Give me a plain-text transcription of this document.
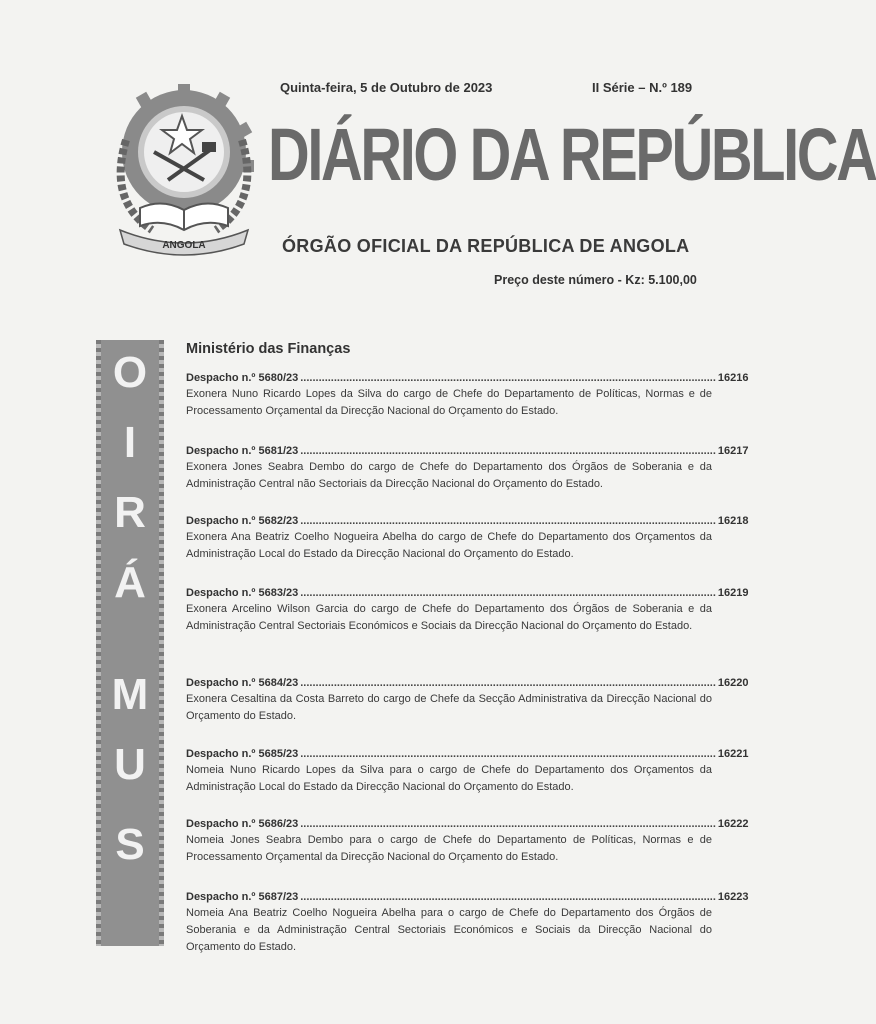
ANGOLA
Quinta-feira, 5 de Outubro de 2023	II Série – N.º 189
DIÁRIO DA REPÚBLICA
ÓRGÃO OFICIAL DA REPÚBLICA DE ANGOLA
Preço deste número - Kz: 5.100,00
O
I
R
Á
M
U
S
Ministério das Finanças
Despacho n.º 5680/23 ........................................................................................................................................ 16216
Exonera Nuno Ricardo Lopes da Silva do cargo de Chefe do Departamento de Políticas, Normas e de Processamento Orçamental da Direcção Nacional do Orçamento do Estado.
Despacho n.º 5681/23 ........................................................................................................................................ 16217
Exonera Jones Seabra Dembo do cargo de Chefe do Departamento dos Órgãos de Soberania e da Administração Central não Sectoriais da Direcção Nacional do Orçamento do Estado.
Despacho n.º 5682/23 ........................................................................................................................................ 16218
Exonera Ana Beatriz Coelho Nogueira Abelha do cargo de Chefe do Departamento dos Orçamentos da Administração Local do Estado da Direcção Nacional do Orçamento do Estado.
Despacho n.º 5683/23 ........................................................................................................................................ 16219
Exonera Arcelino Wilson Garcia do cargo de Chefe do Departamento dos Órgãos de Soberania e da Administração Central Sectoriais Económicos e Sociais da Direcção Nacional do Orçamento do Estado.
Despacho n.º 5684/23 ........................................................................................................................................ 16220
Exonera Cesaltina da Costa Barreto do cargo de Chefe da Secção Administrativa da Direcção Nacional do Orçamento do Estado.
Despacho n.º 5685/23 ........................................................................................................................................ 16221
Nomeia Nuno Ricardo Lopes da Silva para o cargo de Chefe do Departamento dos Orçamentos da Administração Local do Estado da Direcção Nacional do Orçamento do Estado.
Despacho n.º 5686/23 ........................................................................................................................................ 16222
Nomeia Jones Seabra Dembo para o cargo de Chefe do Departamento de Políticas, Normas e de Processamento Orçamental da Direcção Nacional do Orçamento do Estado.
Despacho n.º 5687/23 ........................................................................................................................................ 16223
Nomeia Ana Beatriz Coelho Nogueira Abelha para o cargo de Chefe do Departamento dos Órgãos de Soberania e da Administração Central Sectoriais Económicos e Sociais da Direcção Nacional do Orçamento do Estado.
